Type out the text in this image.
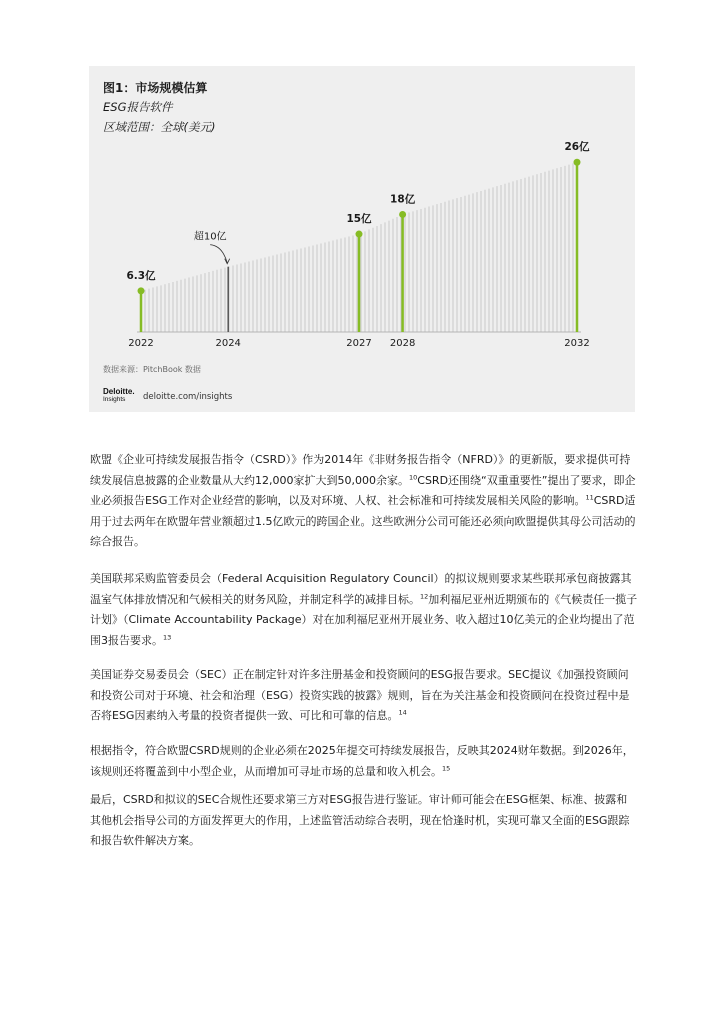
图1：市场规模估算
ESG报告软件
区域范围：全球(美元)
6.3亿
超10亿
15亿
18亿
26亿
2022	2024	2027 2028	2032
数据来源：PitchBook 数据
Deloitte.
Insights	deloitte.com/insights

欧盟《企业可持续发展报告指令（CSRD）》作为2014年《非财务报告指令（NFRD）》的更新版，要求提供可持续发展信息披露的企业数量从大约12,000家扩大到50,000余家。$^{10}$CSRD还围绕“双重重要性”提出了要求，即企业必须报告ESG工作对企业经营的影响，以及对环境、人权、社会标准和可持续发展相关风险的影响。$^{11}$CSRD适用于过去两年在欧盟年营业额超过1.5亿欧元的跨国企业。这些欧洲分公司可能还必须向欧盟提供其母公司活动的综合报告。

美国联邦采购监管委员会（Federal Acquisition Regulatory Council）的拟议规则要求某些联邦承包商披露其温室气体排放情况和气候相关的财务风险，并制定科学的减排目标。$^{12}$加利福尼亚州近期颁布的《气候责任一揽子计划》（Climate Accountability Package）对在加利福尼亚州开展业务、收入超过10亿美元的企业均提出了范围3报告要求。$^{13}$

美国证券交易委员会（SEC）正在制定针对许多注册基金和投资顾问的ESG报告要求。SEC提议《加强投资顾问和投资公司对于环境、社会和治理（ESG）投资实践的披露》规则，旨在为关注基金和投资顾问在投资过程中是否将ESG因素纳入考量的投资者提供一致、可比和可靠的信息。$^{14}$

根据指令，符合欧盟CSRD规则的企业必须在2025年提交可持续发展报告，反映其2024财年数据。到2026年，该规则还将覆盖到中小型企业，从而增加可寻址市场的总量和收入机会。$^{15}$

最后，CSRD和拟议的SEC合规性还要求第三方对ESG报告进行鉴证。审计师可能会在ESG框架、标准、披露和其他机会指导公司的方面发挥更大的作用，上述监管活动综合表明，现在恰逢时机，实现可靠又全面的ESG跟踪和报告软件解决方案。
